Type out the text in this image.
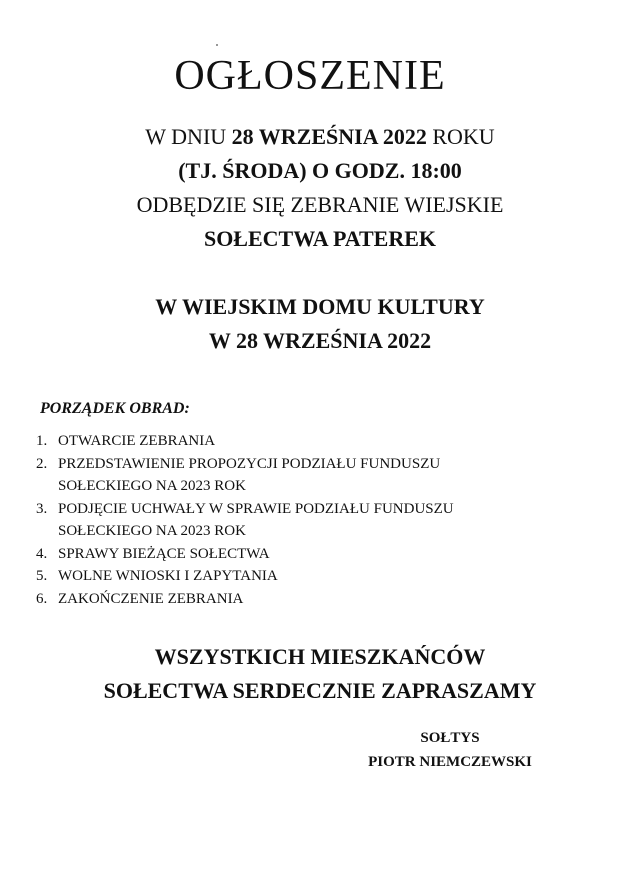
OGŁOSZENIE
W DNIU 28 WRZEŚNIA 2022 ROKU
(TJ. ŚRODA) O GODZ. 18:00
ODBĘDZIE SIĘ ZEBRANIE WIEJSKIE
SOŁECTWA PATEREK
W WIEJSKIM DOMU KULTURY
W 28 WRZEŚNIA 2022
PORZĄDEK OBRAD:
1. OTWARCIE ZEBRANIA
2. PRZEDSTAWIENIE PROPOZYCJI PODZIAŁU FUNDUSZU
SOŁECKIEGO NA 2023 ROK
3. PODJĘCIE UCHWAŁY W SPRAWIE PODZIAŁU FUNDUSZU
SOŁECKIEGO NA 2023 ROK
4. SPRAWY BIEŻĄCE SOŁECTWA
5. WOLNE WNIOSKI I ZAPYTANIA
6. ZAKOŃCZENIE ZEBRANIA
WSZYSTKICH MIESZKAŃCÓW
SOŁECTWA SERDECZNIE ZAPRASZAMY
SOŁTYS
PIOTR NIEMCZEWSKI
